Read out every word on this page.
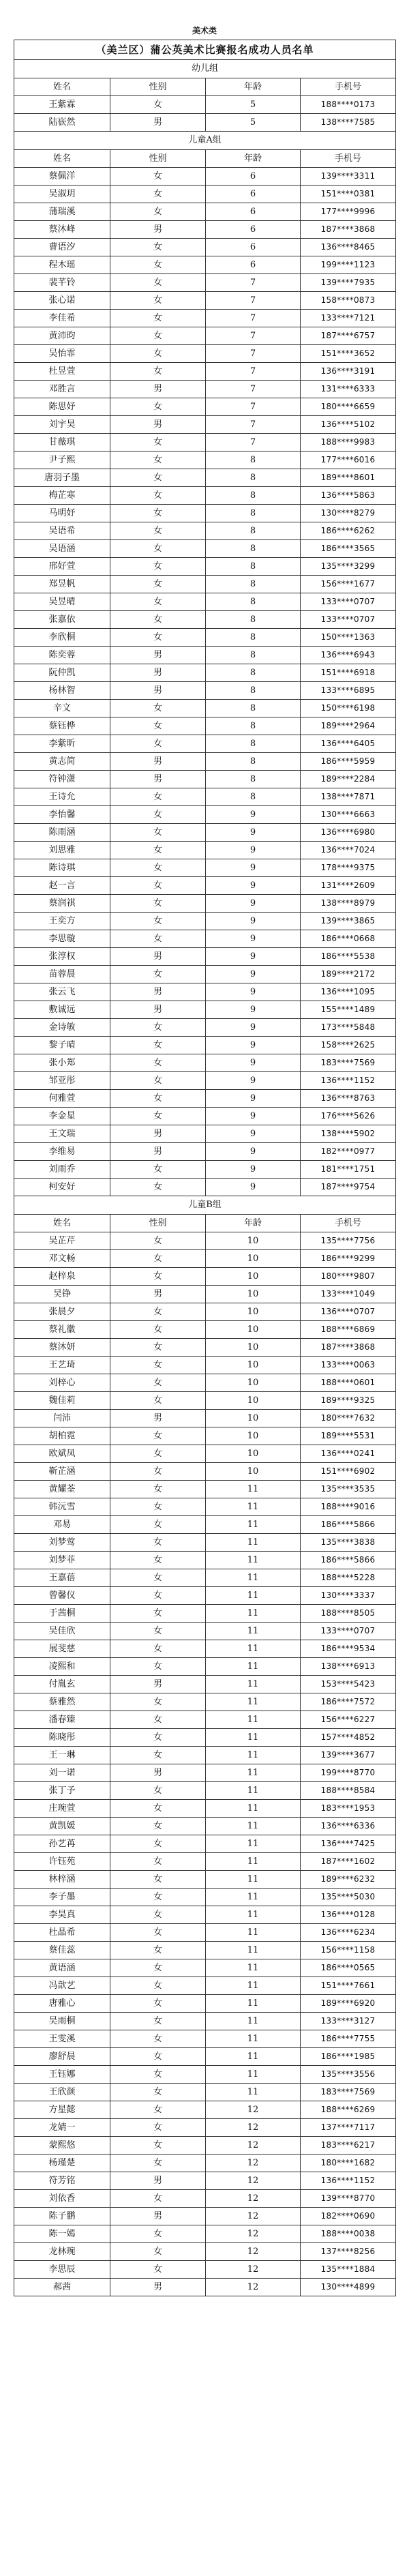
美术类
（美兰区）蒲公英美术比赛报名成功人员名单			
幼儿组			
姓名	性别	年龄	手机号
王紫霖	女	5	188****0173
陆嵚然	男	5	138****7585
儿童A组			
姓名	性别	年龄	手机号
蔡佩洋	女	6	139****3311
吴淑玥	女	6	151****0381
蒲瑞溪	女	6	177****9996
蔡沐峰	男	6	187****3868
曹语汐	女	6	136****8465
程木瑶	女	6	199****1123
裴芊铃	女	7	139****7935
张心诺	女	7	158****0873
李佳希	女	7	133****7121
黄沛昀	女	7	187****6757
吴怡霏	女	7	151****3652
杜昱萱	女	7	136****3191
邓胜言	男	7	131****6333
陈思妤	女	7	180****6659
刘宇昊	男	7	136****5102
甘薇琪	女	7	188****9983
尹子熙	女	8	177****6016
唐羽子墨	女	8	189****8601
梅芷寒	女	8	136****5863
马明妤	女	8	130****8279
吴语希	女	8	186****6262
吴语涵	女	8	186****3565
邢好萱	女	8	135****3299
郑昱帆	女	8	156****1677
吴昱晴	女	8	133****0707
张嘉依	女	8	133****0707
李欣桐	女	8	150****1363
陈奕蓉	男	8	136****6943
阮仲凯	男	8	151****6918
杨林智	男	8	133****6895
辛文	女	8	150****6198
蔡钰桦	女	8	189****2964
李紫昕	女	8	136****6405
黄志简	男	8	186****5959
符钟潇	男	8	189****2284
王诗允	女	8	138****7871
李怡馨	女	9	130****6663
陈雨涵	女	9	136****6980
刘思雅	女	9	136****7024
陈诗琪	女	9	178****9375
赵一言	女	9	131****2609
蔡润祺	女	9	138****8979
王奕方	女	9	139****3865
李思璇	女	9	186****0668
张淳权	男	9	186****5538
苗蓉晨	女	9	189****2172
张云飞	男	9	136****1095
敷诚远	男	9	155****1489
金诗敏	女	9	173****5848
黎子晴	女	9	158****2625
张小郑	女	9	183****7569
邹亚彤	女	9	136****1152
何雅萱	女	9	136****8763
李金星	女	9	176****5626
王文瑞	男	9	138****5902
李维易	男	9	182****0977
刘雨乔	女	9	181****1751
柯安好	女	9	187****9754
儿童B组			
姓名	性别	年龄	手机号
吴芷芹	女	10	135****7756
邓文畅	女	10	186****9299
赵梓泉	女	10	180****9807
吴铮	男	10	133****1049
张晨夕	女	10	136****0707
蔡礼徽	女	10	188****6869
蔡沐妍	女	10	187****3868
王艺琦	女	10	133****0063
刘梓心	女	10	188****0601
魏佳莉	女	10	189****9325
闫沛	男	10	180****7632
胡柏霓	女	10	189****5531
欧斌凤	女	10	136****0241
靳芷涵	女	10	151****6902
黄耀荃	女	11	135****3535
韩沅雪	女	11	188****9016
邓易	女	11	186****5866
刘梦莺	女	11	135****3838
刘梦菲	女	11	186****5866
王嘉蓓	女	11	188****5228
曾馨仪	女	11	130****3337
于茜桐	女	11	188****8505
吴佳欣	女	11	133****0707
展斐慈	女	11	186****9534
凌熙和	女	11	138****6913
付胤玄	男	11	153****5423
蔡雅然	女	11	186****7572
潘春臻	女	11	156****6227
陈晓彤	女	11	157****4852
王一琳	女	11	139****3677
刘一诺	男	11	199****8770
张丁予	女	11	188****8584
庄琬萱	女	11	183****1953
黄凯媛	女	11	136****6336
孙艺苒	女	11	136****7425
许钰苑	女	11	187****1602
林梓涵	女	11	189****6232
李子墨	女	11	135****5030
李昊真	女	11	136****0128
杜晶希	女	11	136****6234
蔡佳蕊	女	11	156****1158
黄语涵	女	11	186****0565
冯歆艺	女	11	151****7661
唐雅心	女	11	189****6920
吴雨桐	女	11	133****3127
王雯溪	女	11	186****7755
廖舒晨	女	11	186****1985
王钰娜	女	11	135****3556
王欣颜	女	11	183****7569
方星懿	女	12	188****6269
龙婧一	女	12	137****7117
蒙熙悠	女	12	183****6217
杨瑾楚	女	12	180****1682
符芳铭	男	12	136****1152
刘依香	女	12	139****8770
陈子鹏	男	12	182****0690
陈一嫣	女	12	188****0038
龙林琬	女	12	137****8256
李思辰	女	12	135****1884
郝茜	男	12	130****4899
